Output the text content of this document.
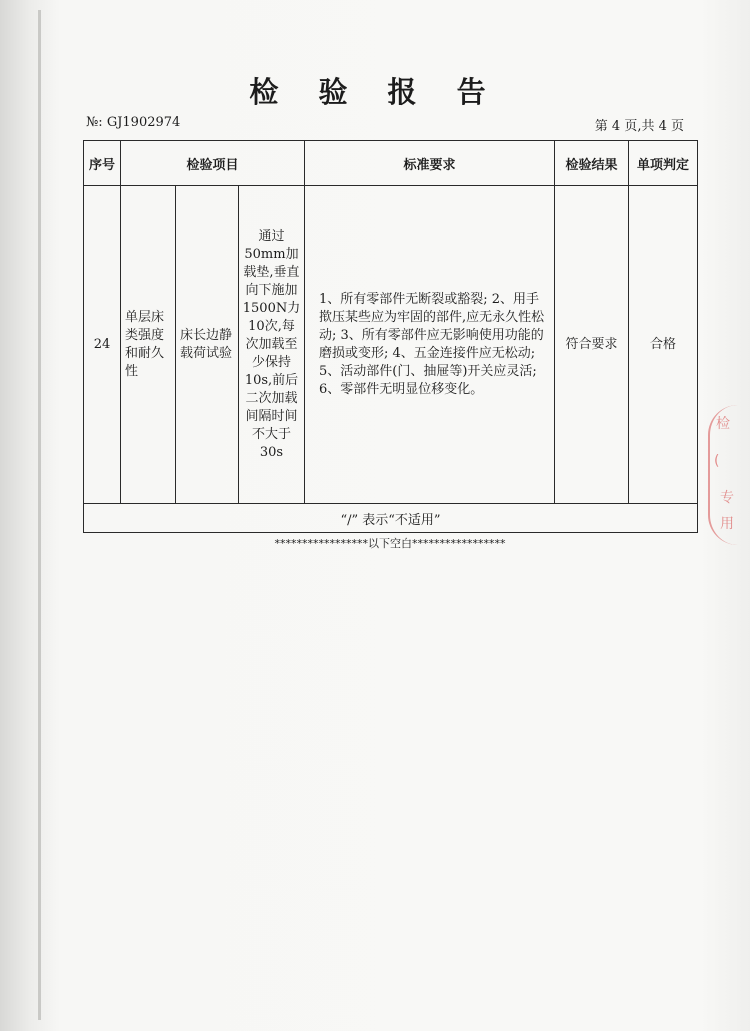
检 验 报 告
№: GJ1902974	第 4 页,共 4 页
序号	检验项目			标准要求	检验结果	单项判定

24	单层床类强度和耐久性	床长边静载荷试验	通过50mm加载垫,垂直向下施加1500N力10次,每次加载至少保持10s,前后二次加载间隔时间不大于30s	1、所有零部件无断裂或豁裂; 2、用手揿压某些应为牢固的部件,应无永久性松动; 3、所有零部件应无影响使用功能的磨损或变形; 4、五金连接件应无松动; 5、活动部件(门、抽屉等)开关应灵活; 6、零部件无明显位移变化。	符合要求	合格

“/” 表示“不适用”						
*****************以下空白*****************
检
(
专
用
